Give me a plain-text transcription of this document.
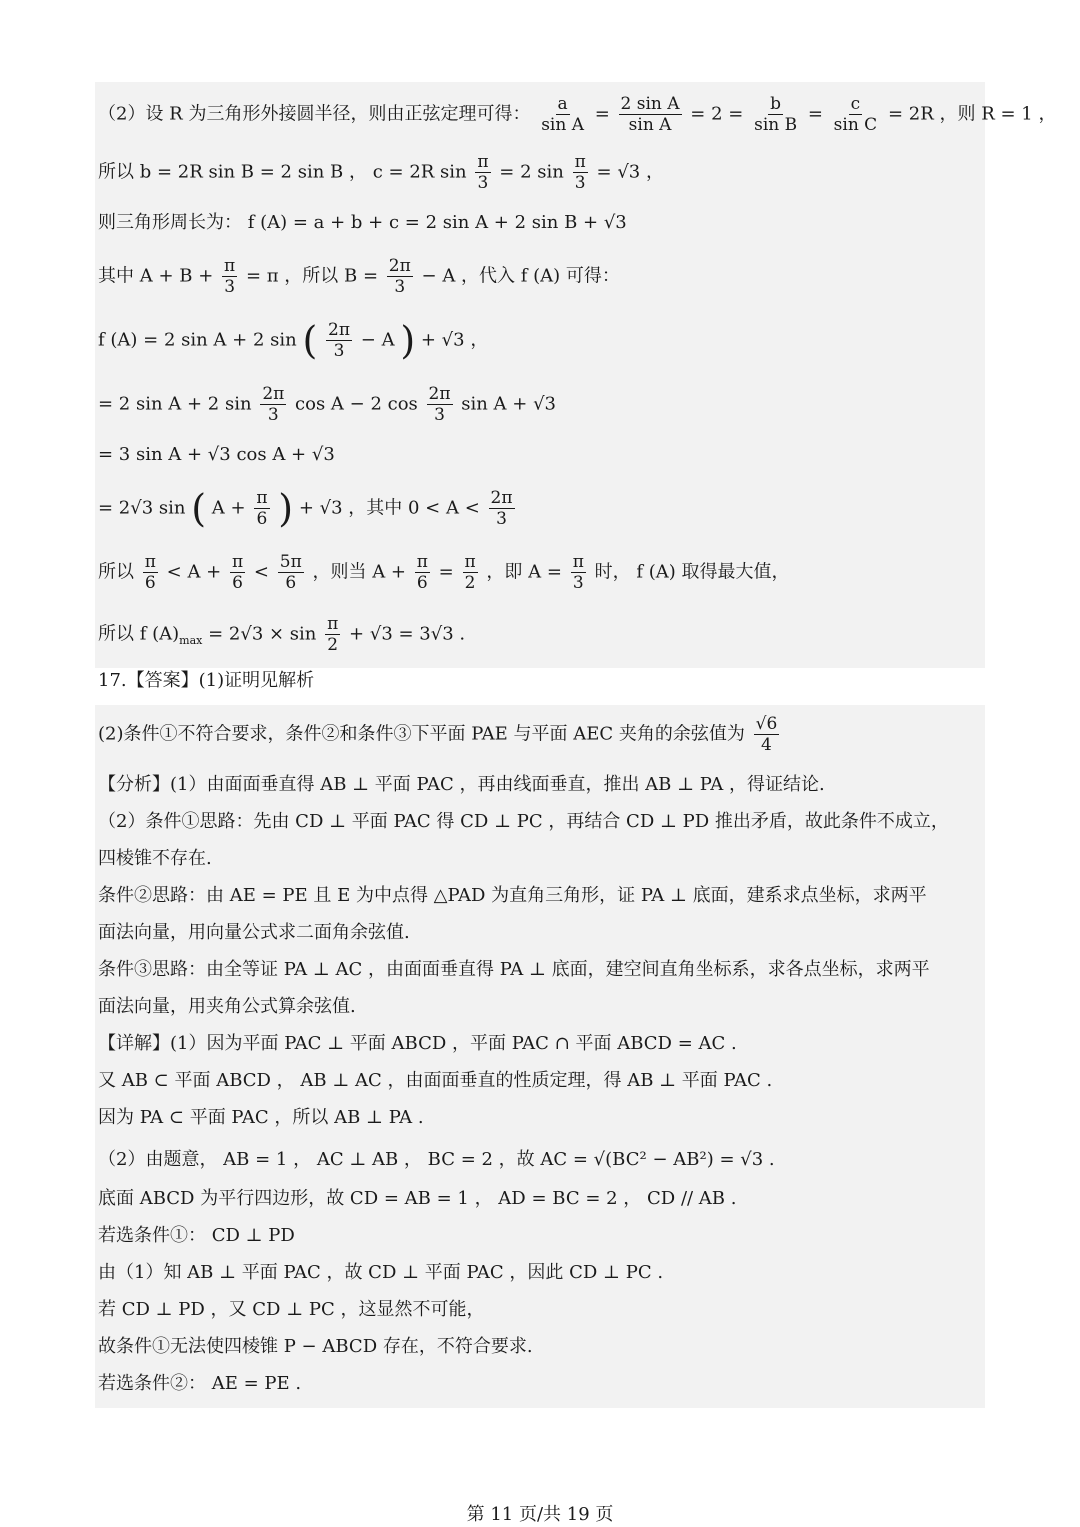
（2）设 R 为三角形外接圆半径，则由正弦定理可得： $\frac{a}{\text{sin A}} = \frac{\text{2 sin A}}{\text{sin A}} = 2 = \frac{b}{\text{sin B}} = \frac{c}{\text{sin C}} = 2R$ ，则 R = 1 ，
所以 b = 2R sin B = 2 sin B ， c = 2R $\sin \frac{\pi}{3} = 2$ $\sin \frac{\pi}{3} = √3$ ，
则三角形周长为： f (A) = a + b + c = 2 sin A + 2 sin B + √3
其中 $A + B + \frac{\pi}{3} = \pi$ ，所以 $B = \frac{2\pi}{3} - A$ ，代入 f (A) 可得：
f (A) = 2 sin A + 2 sin ( $\frac{2\pi}{3} - A$ ) + √3 ，
= 2 sin A + 2 $\sin \frac{2\pi}{3}$ cos A − 2 $\cos \frac{2\pi}{3}$ sin A + √3
= 3 sin A + √3 cos A + √3
= 2√3 sin ( $A + \frac{\pi}{6}$ ) + √3 ，其中 $0 < A < \frac{2\pi}{3}$
所以 $\frac{\pi}{6} < A + \frac{\pi}{6} < \frac{5\pi}{6}$ ，则当 $A + \frac{\pi}{6} = \frac{\pi}{2}$ ，即 $A = \frac{\pi}{3}$ 时， f (A) 取得最大值，
所以 f $(A)_{max} = 2√3 \times \sin \frac{\pi}{2} + √3 = 3√3$ .
17.【答案】(1)证明见解析
(2)条件①不符合要求，条件②和条件③下平面 PAE 与平面 AEC 夹角的余弦值为 $\frac{√6}{4}$
【分析】(1）由面面垂直得 AB ⊥ 平面 PAC ，再由线面垂直，推出 AB ⊥ PA ，得证结论.
（2）条件①思路：先由 CD ⊥ 平面 PAC 得 CD ⊥ PC ，再结合 CD ⊥ PD 推出矛盾，故此条件不成立，
四棱锥不存在.
条件②思路：由 AE = PE 且 E 为中点得 △PAD 为直角三角形，证 PA ⊥ 底面，建系求点坐标，求两平
面法向量，用向量公式求二面角余弦值.
条件③思路：由全等证 PA ⊥ AC ，由面面垂直得 PA ⊥ 底面，建空间直角坐标系，求各点坐标，求两平
面法向量，用夹角公式算余弦值.
【详解】(1）因为平面 PAC ⊥ 平面 ABCD ，平面 PAC ∩ 平面 ABCD = AC .
又 AB ⊂ 平面 ABCD ， AB ⊥ AC ，由面面垂直的性质定理，得 AB ⊥ 平面 PAC .
因为 PA ⊂ 平面 PAC ，所以 AB ⊥ PA .
（2）由题意， AB = 1 ， AC ⊥ AB ， BC = 2 ，故 AC = √(BC² − AB²) = √3 .
底面 ABCD 为平行四边形，故 CD = AB = 1 ， AD = BC = 2 ， CD // AB .
若选条件①： CD ⊥ PD
由（1）知 AB ⊥ 平面 PAC ，故 CD ⊥ 平面 PAC ，因此 CD ⊥ PC .
若 CD ⊥ PD ，又 CD ⊥ PC ，这显然不可能，
故条件①无法使四棱锥 P − ABCD 存在，不符合要求.
若选条件②： AE = PE .
第 11 页/共 19 页
